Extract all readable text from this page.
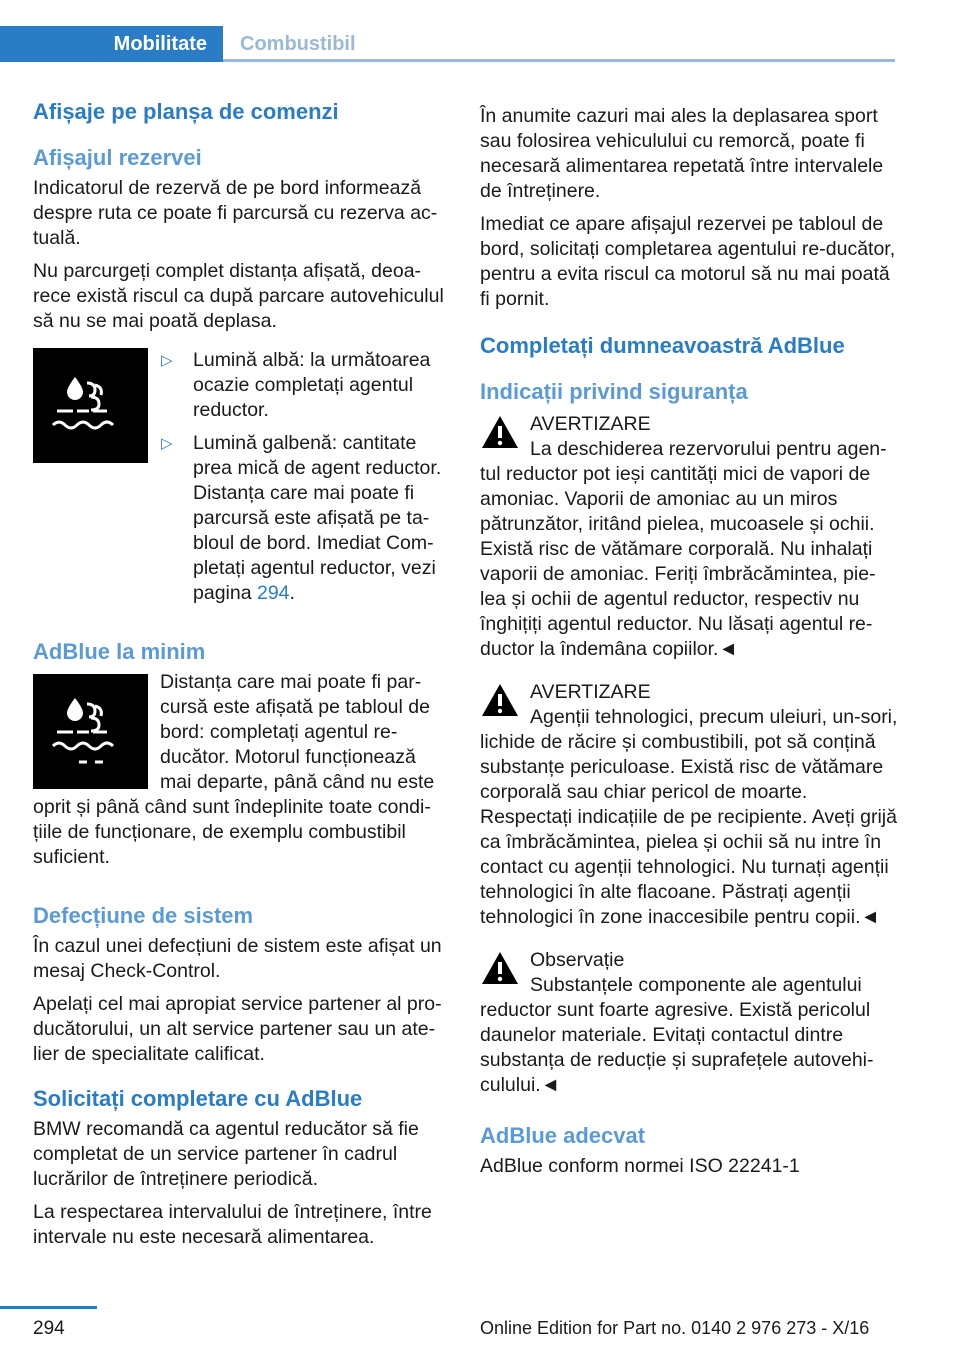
Mobilitate	Combustibil
Afișaje pe planșa de comenzi
Afișajul rezervei

Indicatorul de rezervă de pe bord informează despre ruta ce poate fi parcursă cu rezerva ac‐tuală.

Nu parcurgeți complet distanța afișată, deoa‐rece există riscul ca după parcare autovehiculul să nu se mai poată deplasa.

▷ Lumină albă: la următoarea ocazie completați agentul reductor.
▷ Lumină galbenă: cantitate prea mică de agent reductor. Distanța care mai poate fi parcursă este afișată pe ta‐bloul de bord. Imediat Com‐pletați agentul reductor, vezi pagina 294.
AdBlue la minim

Distanța care mai poate fi par‐cursă este afișată pe tabloul de bord: completați agentul re‐ducător. Motorul funcționează mai departe, până când nu este oprit și până când sunt îndeplinite toate condi‐țiile de funcționare, de exemplu combustibil suficient.

Defecțiune de sistem

În cazul unei defecțiuni de sistem este afișat un mesaj Check-Control.

Apelați cel mai apropiat service partener al pro‐ducătorului, un alt service partener sau un ate‐lier de specialitate calificat.

Solicitați completare cu AdBlue

BMW recomandă ca agentul reducător să fie completat de un service partener în cadrul lucrărilor de întreținere periodică.

La respectarea intervalului de întreținere, între intervale nu este necesară alimentarea.

În anumite cazuri mai ales la deplasarea sport sau folosirea vehiculului cu remorcă, poate fi necesară alimentarea repetată între intervalele de întreținere.

Imediat ce apare afișajul rezervei pe tabloul de bord, solicitați completarea agentului re‐ducător, pentru a evita riscul ca motorul să nu mai poată fi pornit.

Completați dumneavoastră AdBlue
Indicații privind siguranța
AVERTIZARE

La deschiderea rezervorului pentru agen‐tul reductor pot ieși cantități mici de vapori de amoniac. Vaporii de amoniac au un miros pătrunzător, iritând pielea, mucoasele și ochii. Există risc de vătămare corporală. Nu inhalați vaporii de amoniac. Feriți îmbrăcămintea, pie‐lea și ochii de agentul reductor, respectiv nu înghițiți agentul reductor. Nu lăsați agentul re‐ductor la îndemâna copiilor.◄

AVERTIZARE

Agenții tehnologici, precum uleiuri, un‐sori, lichide de răcire și combustibili, pot să conțină substanțe periculoase. Există risc de vătămare corporală sau chiar pericol de moarte. Respectați indicațiile de pe recipiente. Aveți grijă ca îmbrăcămintea, pielea și ochii să nu intre în contact cu agenții tehnologici. Nu turnați agenții tehnologici în alte flacoane. Păstrați agenții tehnologici în zone inaccesibile pentru copii.◄

Observație

Substanțele componente ale agentului reductor sunt foarte agresive. Există pericolul daunelor materiale. Evitați contactul dintre substanța de reducție și suprafețele autovehi‐culului.◄

AdBlue adecvat

AdBlue conform normei ISO 22241-1

294	Online Edition for Part no. 0140 2 976 273 - X/16
